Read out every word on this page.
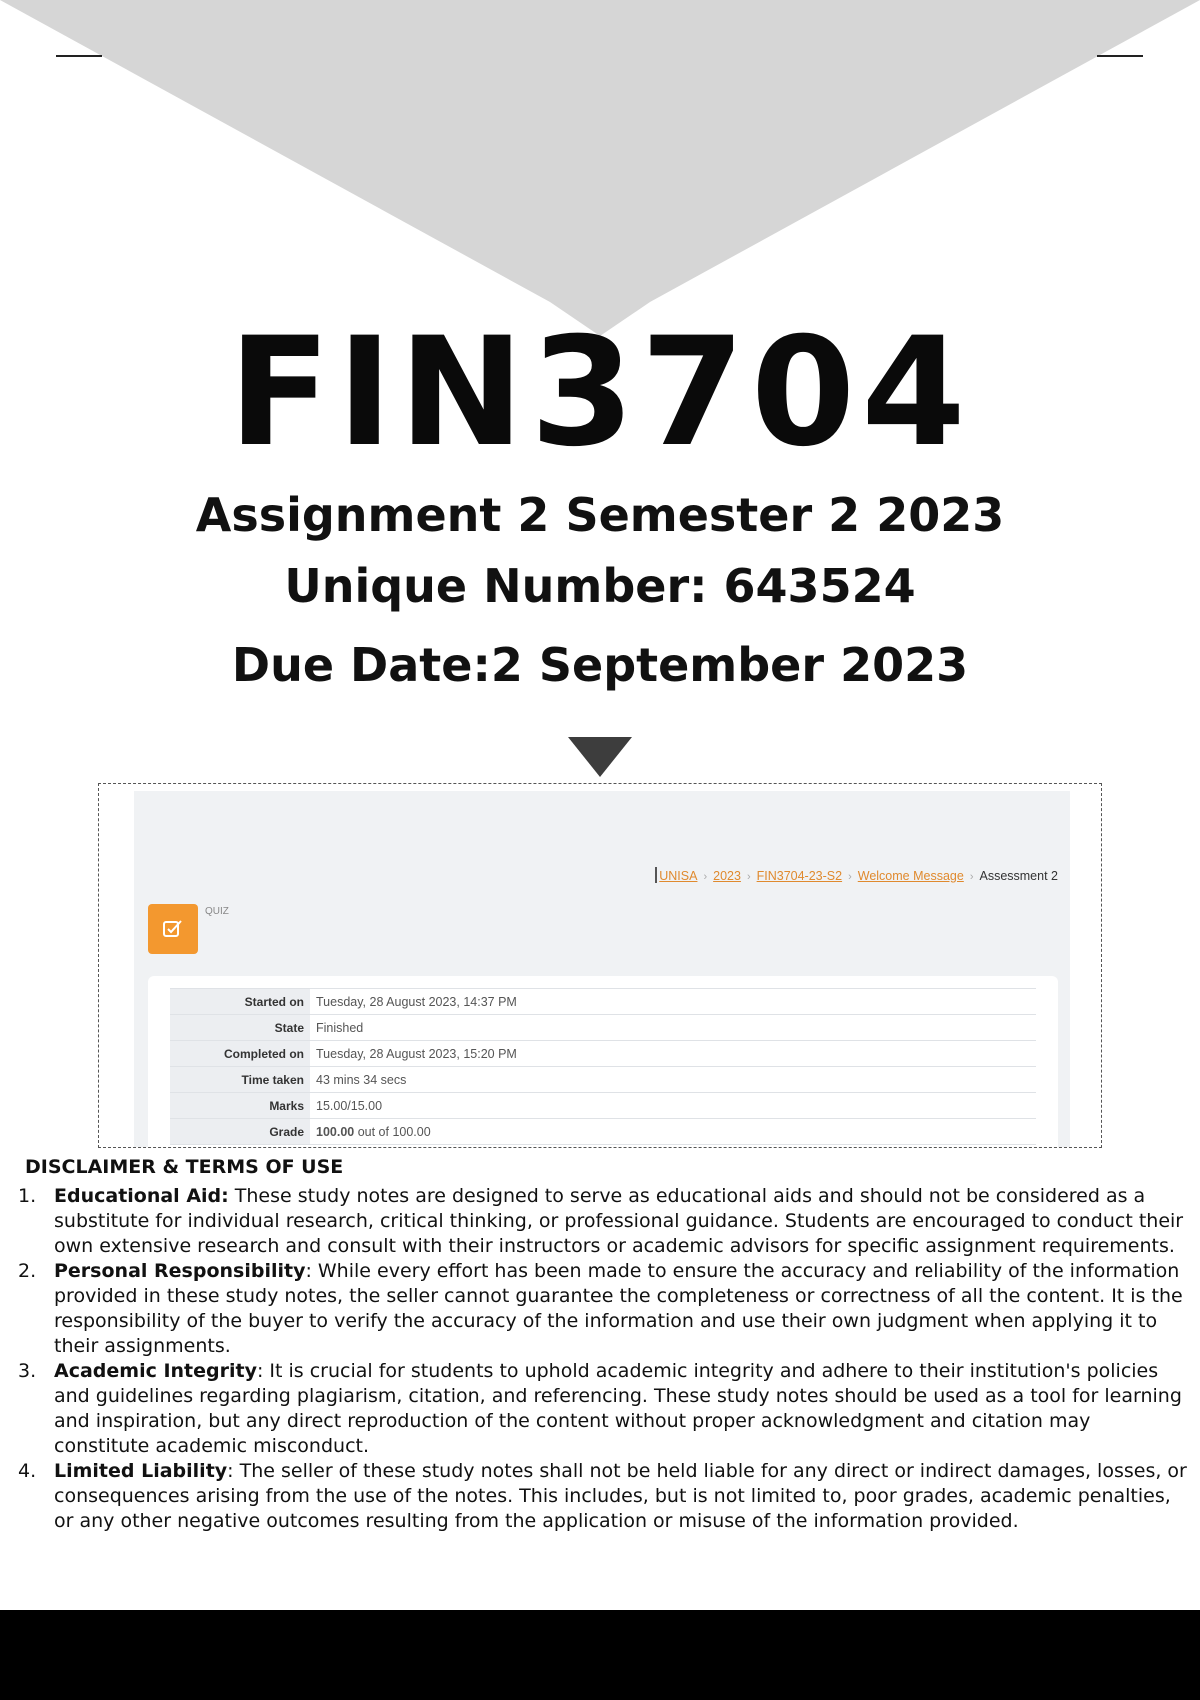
FIN3704
Assignment 2 Semester 2 2023
Unique Number: 643524
Due Date:2 September 2023
UNISA › 2023 › FIN3704-23-S2 › Welcome Message › Assessment 2
QUIZ
Started on	Tuesday, 28 August 2023, 14:37 PM
State	Finished
Completed on	Tuesday, 28 August 2023, 15:20 PM
Time taken	43 mins 34 secs
Marks	15.00/15.00
Grade	100.00 out of 100.00
DISCLAIMER & TERMS OF USE
1. Educational Aid: These study notes are designed to serve as educational aids and should not be considered as a substitute for individual research, critical thinking, or professional guidance. Students are encouraged to conduct their own extensive research and consult with their instructors or academic advisors for specific assignment requirements.
2. Personal Responsibility: While every effort has been made to ensure the accuracy and reliability of the information provided in these study notes, the seller cannot guarantee the completeness or correctness of all the content. It is the responsibility of the buyer to verify the accuracy of the information and use their own judgment when applying it to their assignments.
3. Academic Integrity: It is crucial for students to uphold academic integrity and adhere to their institution's policies and guidelines regarding plagiarism, citation, and referencing. These study notes should be used as a tool for learning and inspiration, but any direct reproduction of the content without proper acknowledgment and citation may constitute academic misconduct.
4. Limited Liability: The seller of these study notes shall not be held liable for any direct or indirect damages, losses, or consequences arising from the use of the notes. This includes, but is not limited to, poor grades, academic penalties, or any other negative outcomes resulting from the application or misuse of the information provided.
